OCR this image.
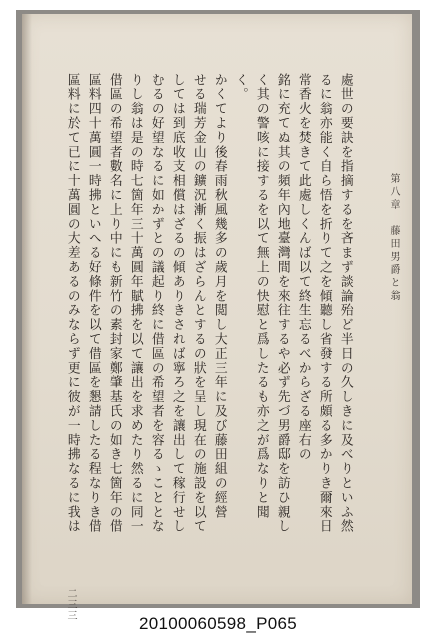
處世の要訣を指摘するを吝まず談論殆ど半日の久しきに及べりといふ然
るに翁亦能く自ら悟を折りて之を傾聽し省發する所頗る多かりき爾來日
常香火を焚きて此處しくんば以て終生忘るべからざる座右の
銘に充てぬ其の頻年內地臺灣間を來往するや必ず先づ男爵邸を訪ひ親し
く其の警咳に接するを以て無上の快慰と爲したるも亦之が爲なりと聞
く。
かくてより後春雨秋風幾多の歲月を閲し大正三年に及び藤田組の經營
せる瑞芳金山の鑛況漸く振はざらんとするの狀を呈し現在の施設を以て
しては到底收支相償はざるの傾ありきされば寧ろ之を讓出して稼行せし
むるの好望なるに如かずとの議起り終に借區の希望者を容るゝこととな
りし翁は是の時七箇年三十萬圓年賦拂を以て讓出を求めたり然るに同一
借區の希望者數名に上り中にも新竹の素封家鄭肇基氏の如き七箇年の借
區料四十萬圓一時拂といへる好條件を以て借區を懇請したる程なりき借
區料に於て已に十萬圓の大差あるのみならず更に彼が一時拂なるに我は	第八章　藤田男爵と翁
二三三
20100060598_P065
